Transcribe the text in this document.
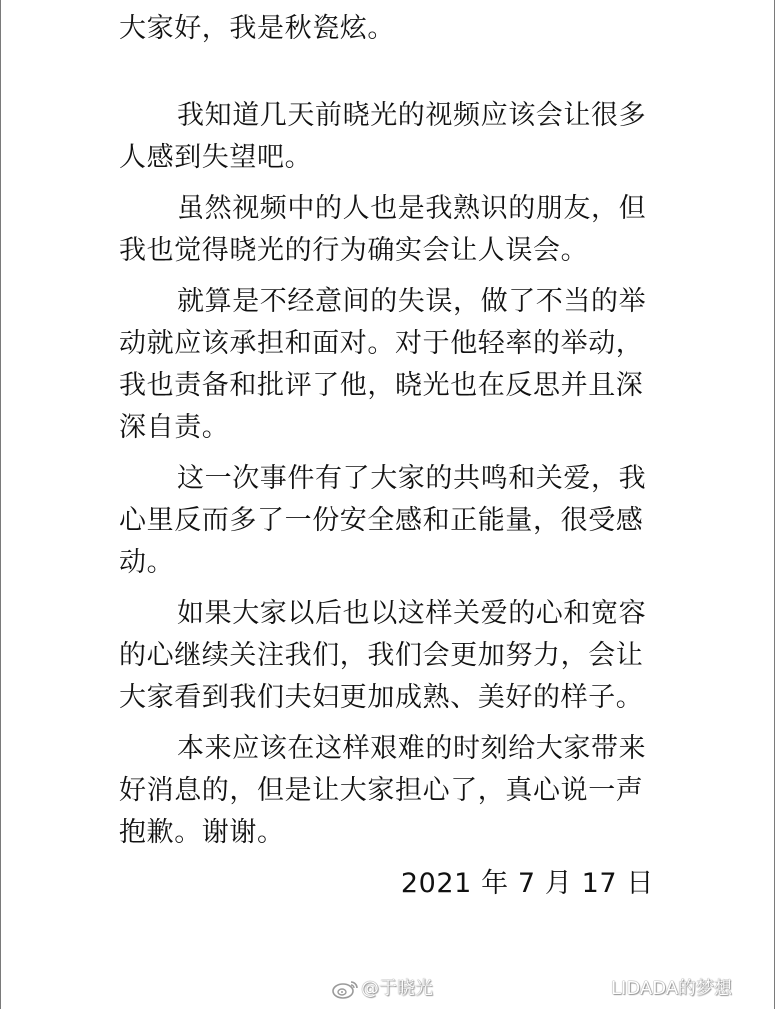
大家好，我是秋瓷炫。

我知道几天前晓光的视频应该会让很多人感到失望吧。

虽然视频中的人也是我熟识的朋友，但我也觉得晓光的行为确实会让人误会。

就算是不经意间的失误，做了不当的举动就应该承担和面对。对于他轻率的举动，我也责备和批评了他，晓光也在反思并且深深自责。

这一次事件有了大家的共鸣和关爱，我心里反而多了一份安全感和正能量，很受感动。

如果大家以后也以这样关爱的心和宽容的心继续关注我们，我们会更加努力，会让大家看到我们夫妇更加成熟、美好的样子。

本来应该在这样艰难的时刻给大家带来好消息的，但是让大家担心了，真心说一声抱歉。谢谢。

2021 年 7 月 17 日

@于晓光	LIDADA的梦想
